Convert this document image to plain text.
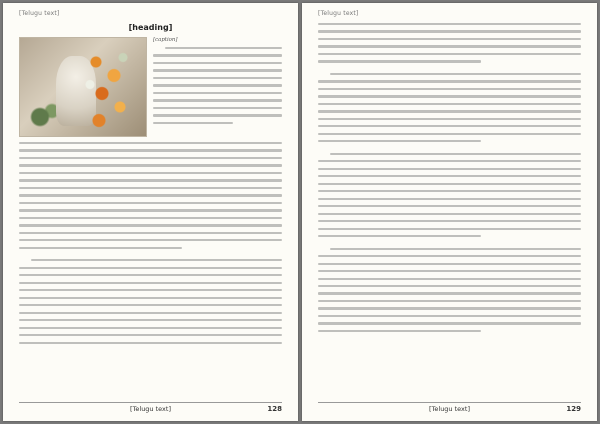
[Telugu text]
[heading]
[caption]
[Telugu text]	128
[Telugu text]
[Telugu text]	129
